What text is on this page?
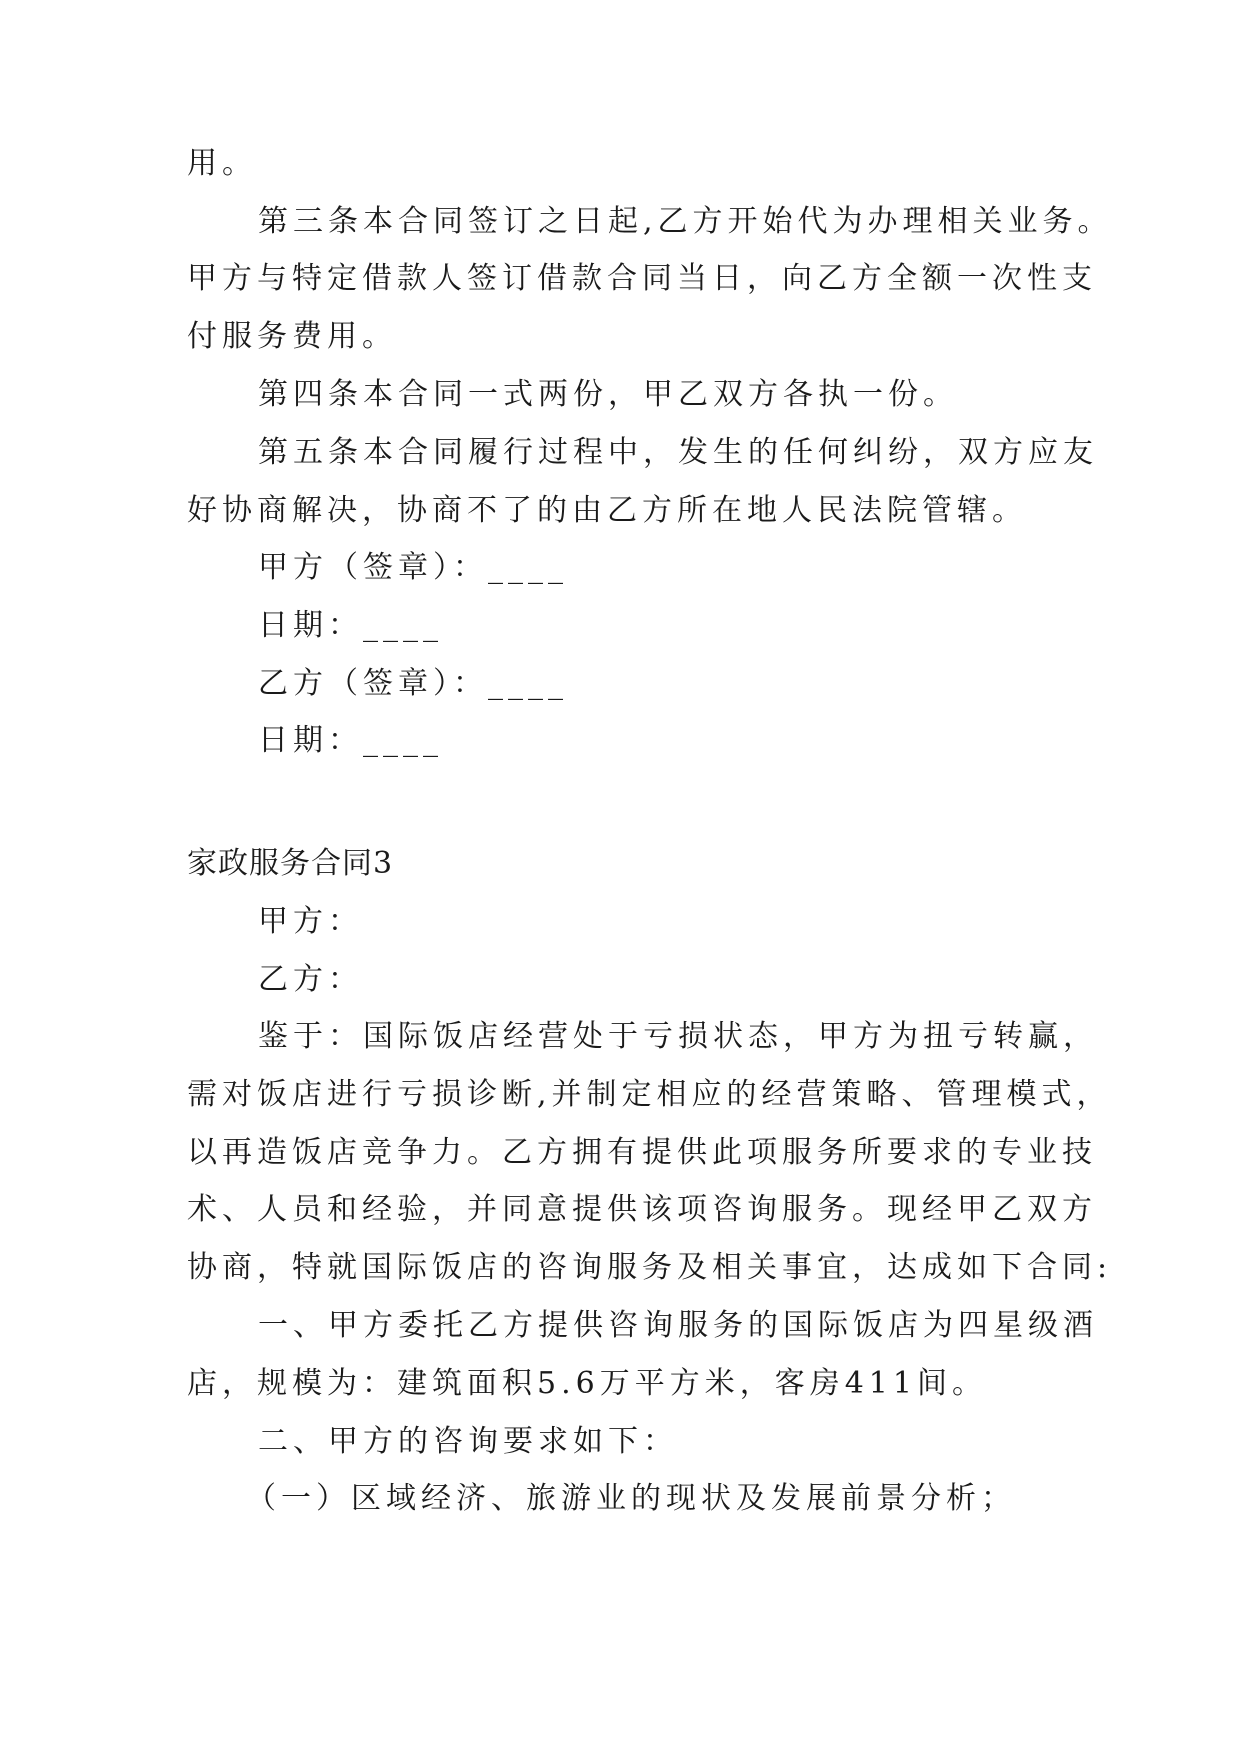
用。
第三条本合同签订之日起,乙方开始代为办理相关业务。
甲方与特定借款人签订借款合同当日，向乙方全额一次性支
付服务费用。
第四条本合同一式两份，甲乙双方各执一份。
第五条本合同履行过程中，发生的任何纠纷，双方应友
好协商解决，协商不了的由乙方所在地人民法院管辖。
甲方（签章）：____
日期：____
乙方（签章）：____
日期：____
家政服务合同3
甲方：
乙方：
鉴于：国际饭店经营处于亏损状态，甲方为扭亏转赢，
需对饭店进行亏损诊断,并制定相应的经营策略、管理模式，
以再造饭店竞争力。乙方拥有提供此项服务所要求的专业技
术、人员和经验，并同意提供该项咨询服务。现经甲乙双方
协商，特就国际饭店的咨询服务及相关事宜，达成如下合同:
一、甲方委托乙方提供咨询服务的国际饭店为四星级酒
店，规模为：建筑面积5.6万平方米，客房411间。
二、甲方的咨询要求如下：
（一）区域经济、旅游业的现状及发展前景分析；
